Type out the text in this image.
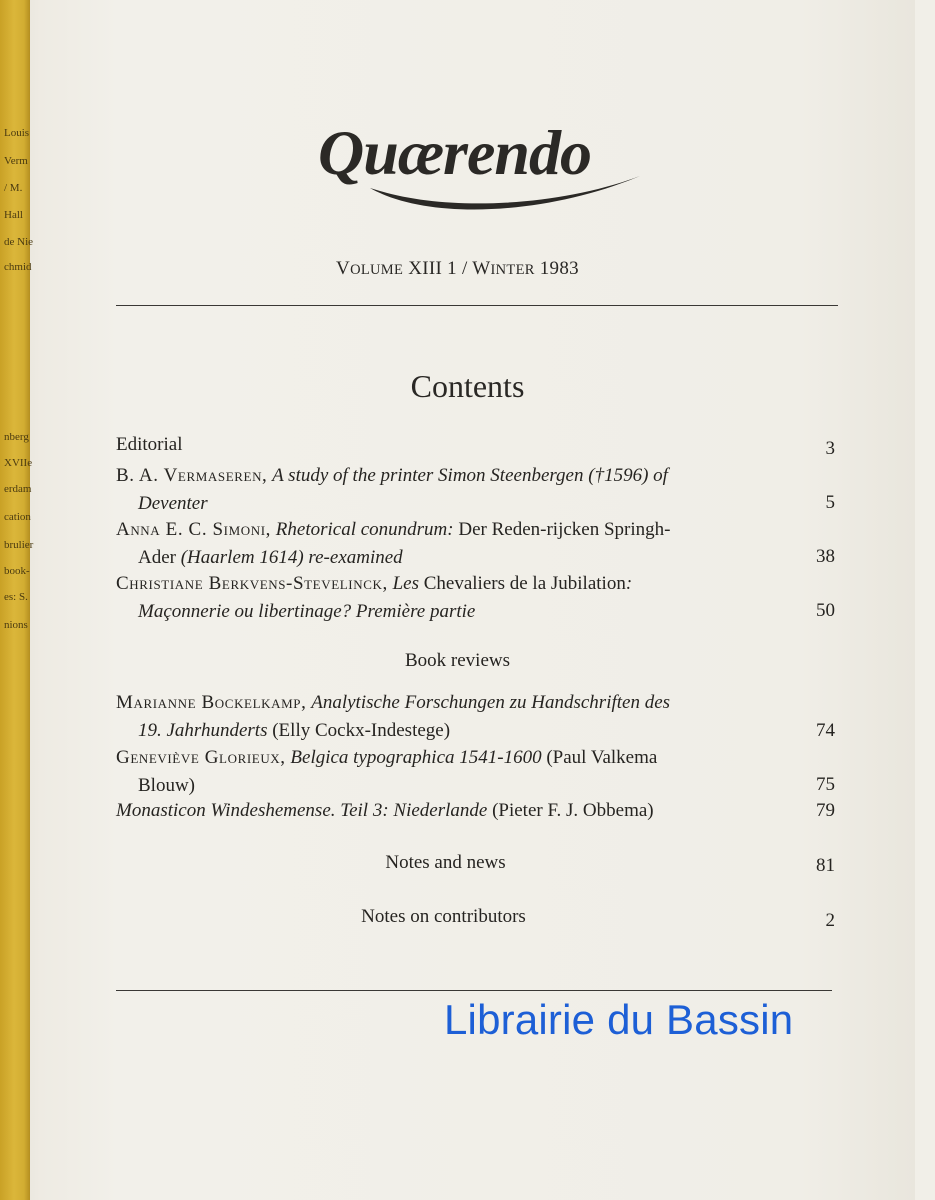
Louis
Verm
/ M.
Hall
de Nie
chmid
nberg
XVIIe
erdam
cation
brulier
book-
es: S.
nions
Quærendo
VOLUME XIII 1 / WINTER 1983
Contents
Editorial	3
B. A. Vermaseren, A study of the printer Simon Steenbergen (†1596) of
Deventer	5
Anna E. C. Simoni, Rhetorical conundrum: Der Reden-rijcken Springh-
Ader (Haarlem 1614) re-examined	38
Christiane Berkvens-Stevelinck, Les Chevaliers de la Jubilation:
Maçonnerie ou libertinage? Première partie	50
Book reviews
Marianne Bockelkamp, Analytische Forschungen zu Handschriften des
19. Jahrhunderts (Elly Cockx-Indestege)	74
Geneviève Glorieux, Belgica typographica 1541-1600 (Paul Valkema
Blouw)	75
Monasticon Windeshemense. Teil 3: Niederlande (Pieter F. J. Obbema)	79
Notes and news	81
Notes on contributors	2
Librairie du Bassin
